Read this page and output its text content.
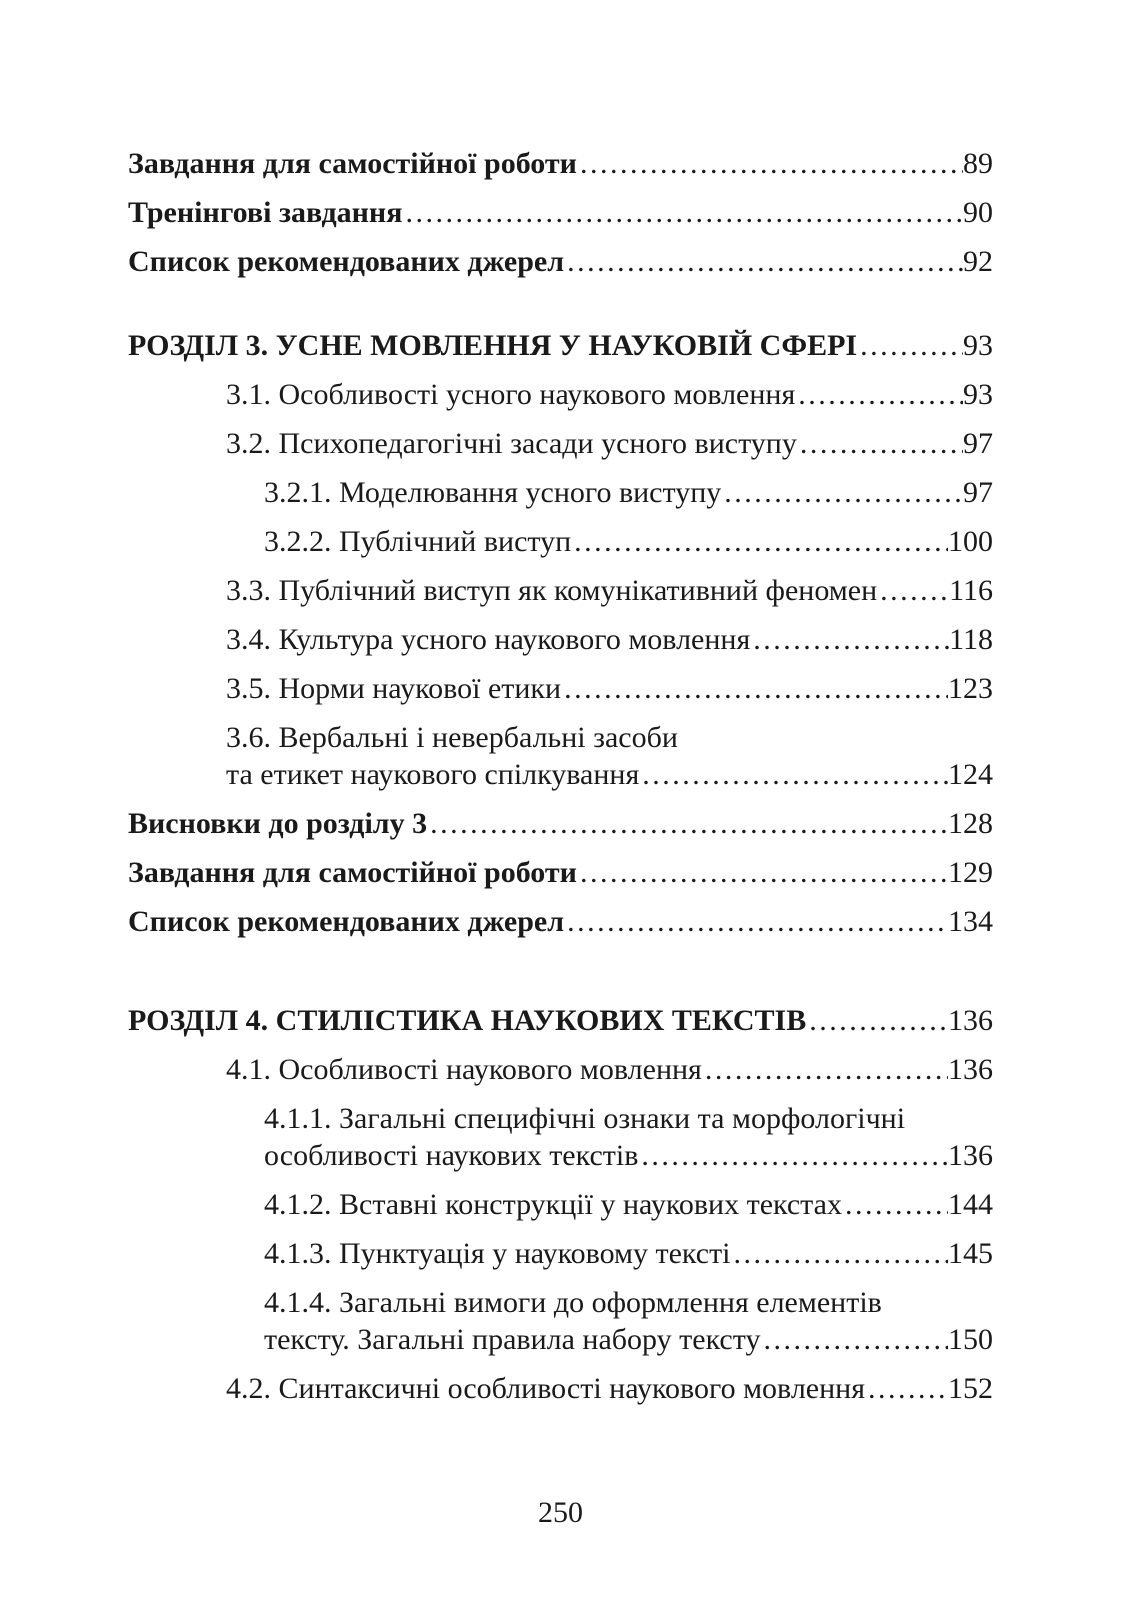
Завдання для самостійної роботи .....	89
Тренінгові завдання .....	90
Список рекомендованих джерел .....	92
РОЗДІЛ 3. УСНЕ МОВЛЕННЯ У НАУКОВІЙ СФЕРІ .....	93
3.1. Особливості усного наукового мовлення .....	93
3.2. Психопедагогічні засади усного виступу .....	97
3.2.1. Моделювання усного виступу .....	97
3.2.2. Публічний виступ .....	100
3.3. Публічний виступ як комунікативний феномен ..... 116
3.4. Культура усного наукового мовлення .....	118
3.5. Норми наукової етики .....	123
3.6. Вербальні і невербальні засоби
та етикет наукового спілкування .....	124
Висновки до розділу 3 .....	128
Завдання для самостійної роботи .....	129
Список рекомендованих джерел .....	134
РОЗДІЛ 4. СТИЛІСТИКА НАУКОВИХ ТЕКСТІВ .....	136
4.1. Особливості наукового мовлення .....	136
4.1.1. Загальні специфічні ознаки та морфологічні
особливості наукових текстів .....	136
4.1.2. Вставні конструкції у наукових текстах .....	144
4.1.3. Пунктуація у науковому тексті .....	145
4.1.4. Загальні вимоги до оформлення елементів
тексту. Загальні правила набору тексту .....	150
4.2. Синтаксичні особливості наукового мовлення .....	152
250
